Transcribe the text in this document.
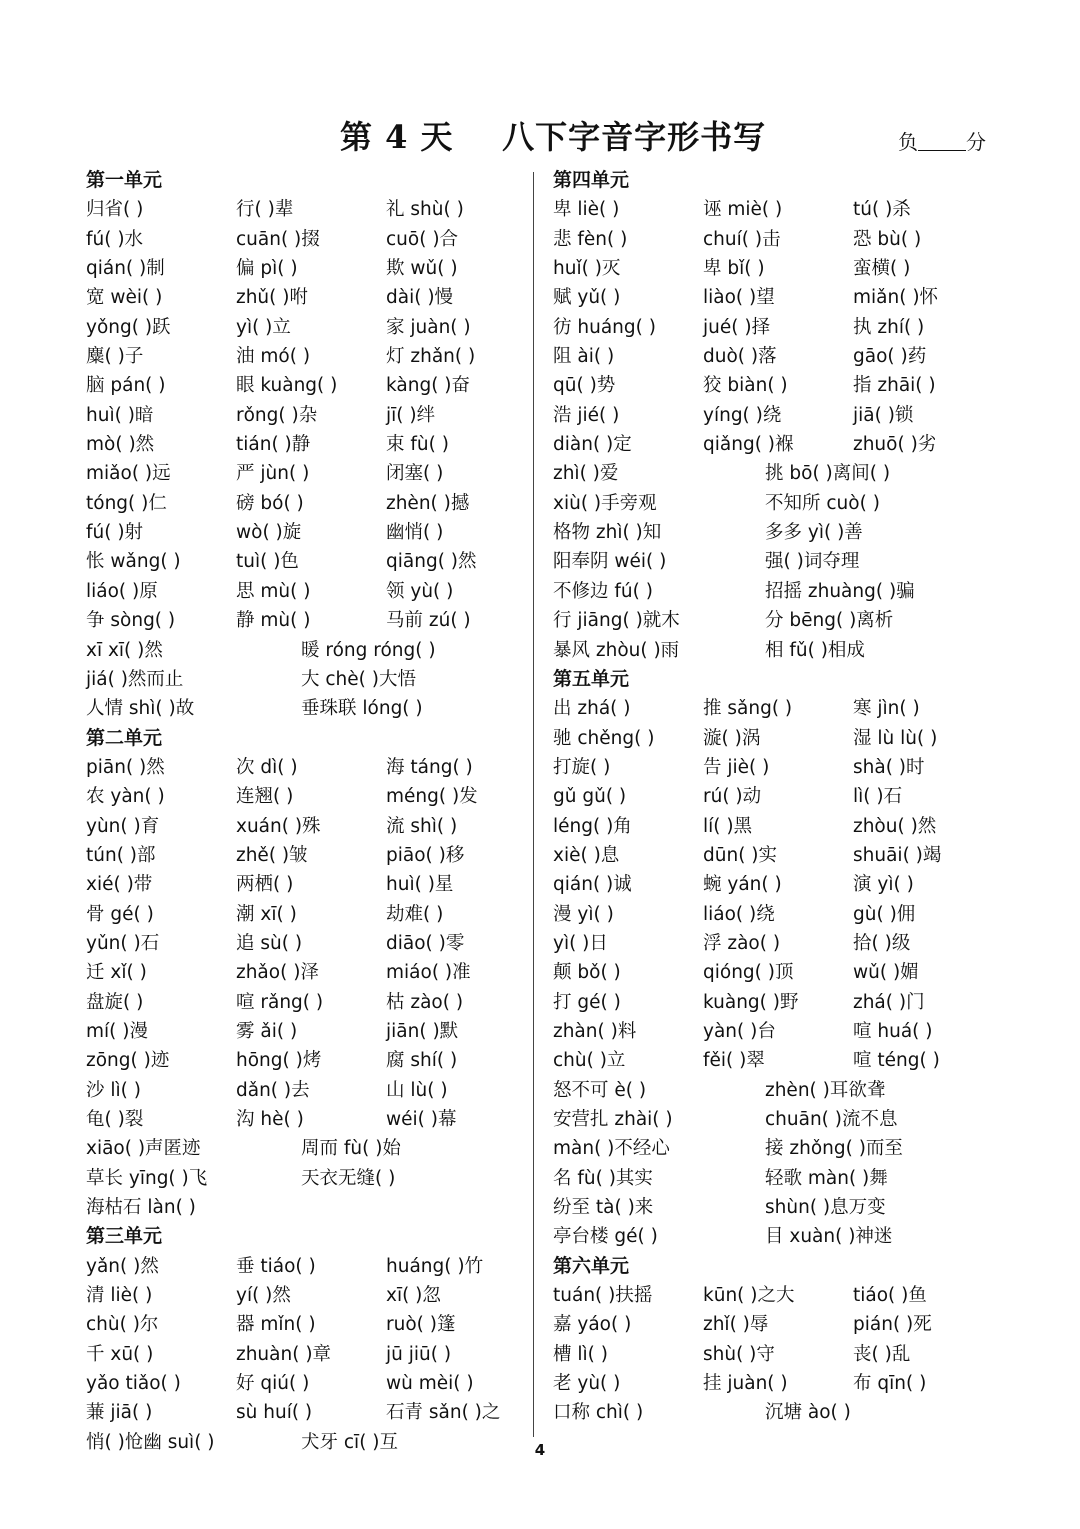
第 4 天    八下字音字形书写	负 分
第一单元
归省( )	行( )辈	礼 shù( )
fú( )水	cuān( )掇	cuō( )合
qián( )制	偏 pì( )	欺 wǔ( )
宽 wèi( )	zhǔ( )咐	dài( )慢
yǒng( )跃	yì( )立	家 juàn( )
麋( )子	油 mó( )	灯 zhǎn( )
脑 pán( )	眼 kuàng( )	kàng( )奋
huì( )暗	rǒng( )杂	jī( )绊
mò( )然	tián( )静	束 fù( )
miǎo( )远	严 jùn( )	闭塞( )
tóng( )仁	磅 bó( )	zhèn( )撼
fú( )射	wò( )旋	幽悄( )
怅 wǎng( )	tuì( )色	qiāng( )然
liáo( )原	思 mù( )	领 yù( )
争 sòng( )	静 mù( )	马前 zú( )
xī xī( )然	暖 róng róng( )
jiá( )然而止	大 chè( )大悟
人情 shì( )故	垂珠联 lóng( )
第二单元
piān( )然	次 dì( )	海 táng( )
农 yàn( )	连翘( )	méng( )发
yùn( )育	xuán( )殊	流 shì( )
tún( )部	zhě( )皱	piāo( )移
xié( )带	两栖( )	huì( )星
骨 gé( )	潮 xī( )	劫难( )
yǔn( )石	追 sù( )	diāo( )零
迁 xǐ( )	zhǎo( )泽	miáo( )准
盘旋( )	喧 rǎng( )	枯 zào( )
mí( )漫	雾 ǎi( )	jiān( )默
zōng( )迹	hōng( )烤	腐 shí( )
沙 lì( )	dǎn( )去	山 lù( )
龟( )裂	沟 hè( )	wéi( )幕
xiāo( )声匿迹	周而 fù( )始
草长 yīng( )飞	天衣无缝( )
海枯石 làn( )
第三单元
yǎn( )然	垂 tiáo( )	huáng( )竹
清 liè( )	yí( )然	xī( )忽
chù( )尔	器 mǐn( )	ruò( )篷
千 xū( )	zhuàn( )章	jū jiū( )
yǎo tiǎo( )	好 qiú( )	wù mèi( )
蒹 jiā( )	sù huí( )	石青 sǎn( )之
悄( )怆幽 suì( )	犬牙 cī( )互
第四单元
卑 liè( )	诬 miè( )	tú( )杀
悲 fèn( )	chuí( )击	恐 bù( )
huǐ( )灭	卑 bǐ( )	蛮横( )
赋 yǔ( )	liào( )望	miǎn( )怀
彷 huáng( )	jué( )择	执 zhí( )
阻 ài( )	duò( )落	gāo( )药
qū( )势	狡 biàn( )	指 zhāi( )
浩 jié( )	yíng( )绕	jiā( )锁
diàn( )定	qiǎng( )褓	zhuō( )劣
zhì( )爱	挑 bō( )离间( )
xiù( )手旁观	不知所 cuò( )
格物 zhì( )知	多多 yì( )善
阳奉阴 wéi( )	强( )词夺理
不修边 fú( )	招摇 zhuàng( )骗
行 jiāng( )就木	分 bēng( )离析
暴风 zhòu( )雨	相 fǔ( )相成
第五单元
出 zhá( )	推 sǎng( )	寒 jìn( )
驰 chěng( )	漩( )涡	湿 lù lù( )
打旋( )	告 jiè( )	shà( )时
gǔ gǔ( )	rú( )动	lì( )石
léng( )角	lí( )黑	zhòu( )然
xiè( )息	dūn( )实	shuāi( )竭
qián( )诚	蜿 yán( )	演 yì( )
漫 yì( )	liáo( )绕	gù( )佣
yì( )日	浮 zào( )	拾( )级
颠 bǒ( )	qióng( )顶	wǔ( )媚
打 gé( )	kuàng( )野	zhá( )门
zhàn( )料	yàn( )台	喧 huá( )
chù( )立	fěi( )翠	喧 téng( )
怒不可 è( )	zhèn( )耳欲聋
安营扎 zhài( )	chuān( )流不息
màn( )不经心	接 zhǒng( )而至
名 fù( )其实	轻歌 màn( )舞
纷至 tà( )来	shùn( )息万变
亭台楼 gé( )	目 xuàn( )神迷
第六单元
tuán( )扶摇	kūn( )之大	tiáo( )鱼
嘉 yáo( )	zhǐ( )辱	pián( )死
槽 lì( )	shù( )守	丧( )乱
老 yù( )	挂 juàn( )	布 qīn( )
口称 chì( )	沉塘 ào( )
4
